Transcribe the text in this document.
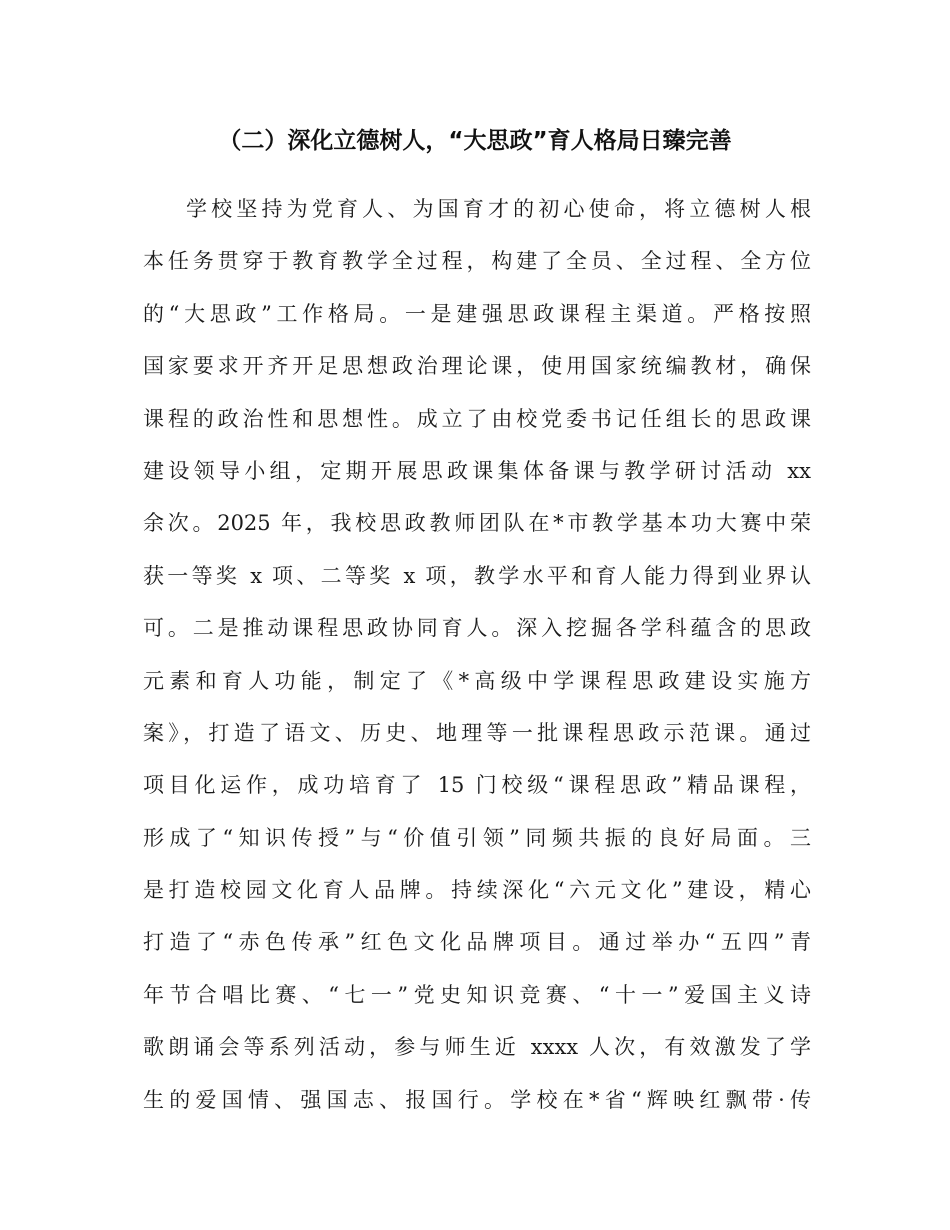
（二）深化立德树人，“大思政”育人格局日臻完善
学校坚持为党育人、为国育才的初心使命，将立德树人根
本任务贯穿于教育教学全过程，构建了全员、全过程、全方位
的“大思政”工作格局。一是建强思政课程主渠道。严格按照
国家要求开齐开足思想政治理论课，使用国家统编教材，确保
课程的政治性和思想性。成立了由校党委书记任组长的思政课
建设领导小组，定期开展思政课集体备课与教学研讨活动 xx
余次。2025 年，我校思政教师团队在*市教学基本功大赛中荣
获一等奖 x 项、二等奖 x 项，教学水平和育人能力得到业界认
可。二是推动课程思政协同育人。深入挖掘各学科蕴含的思政
元素和育人功能，制定了《*高级中学课程思政建设实施方
案》，打造了语文、历史、地理等一批课程思政示范课。通过
项目化运作，成功培育了 15 门校级“课程思政”精品课程，
形成了“知识传授”与“价值引领”同频共振的良好局面。三
是打造校园文化育人品牌。持续深化“六元文化”建设，精心
打造了“赤色传承”红色文化品牌项目。通过举办“五四”青
年节合唱比赛、“七一”党史知识竞赛、“十一”爱国主义诗
歌朗诵会等系列活动，参与师生近 xxxx 人次，有效激发了学
生的爱国情、强国志、报国行。学校在*省“辉映红飘带·传
